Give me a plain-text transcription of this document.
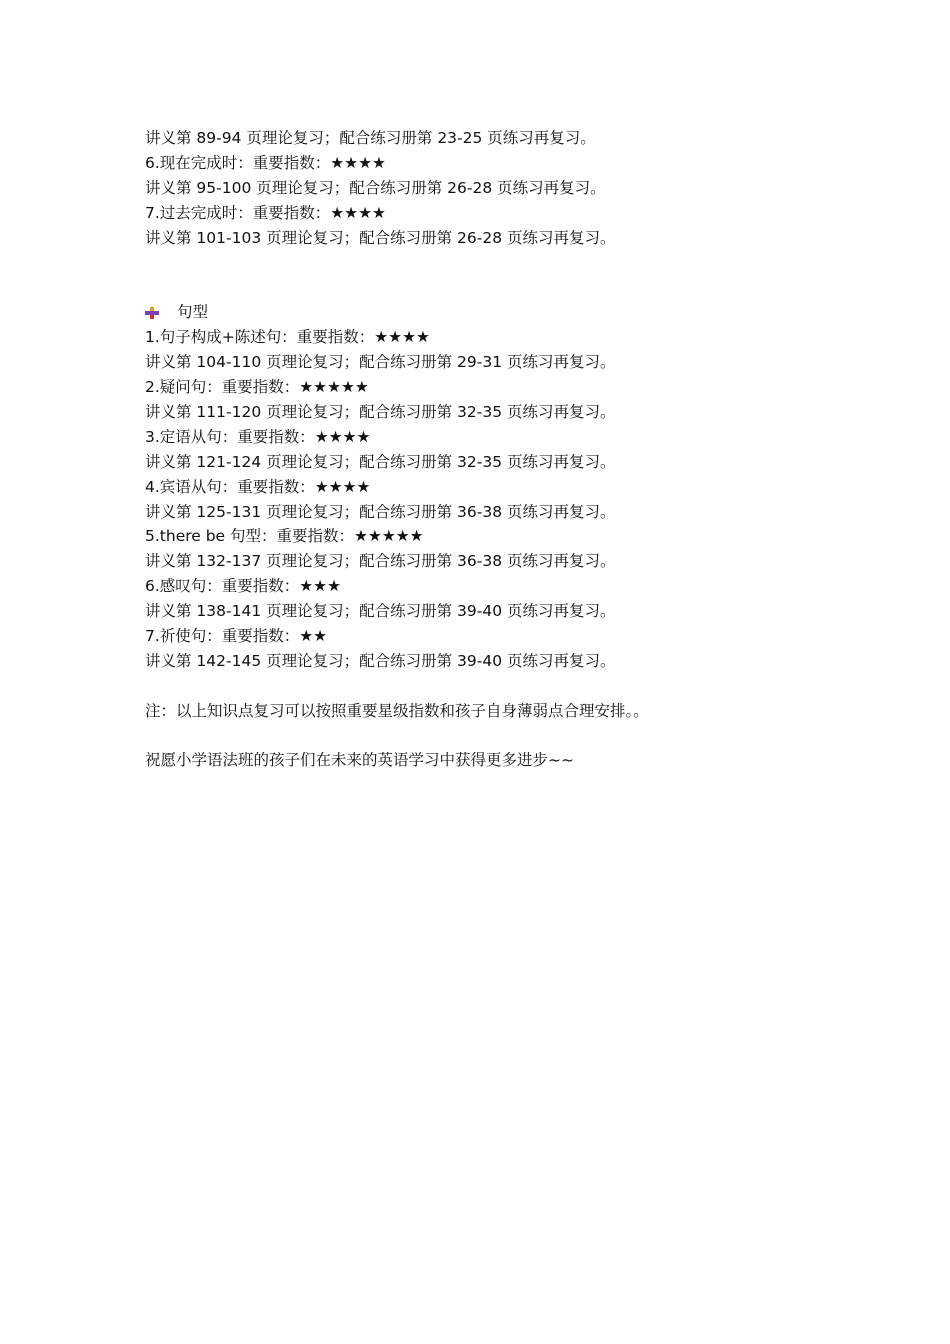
讲义第 89-94 页理论复习；配合练习册第 23-25 页练习再复习。
6.现在完成时：重要指数：★★★★
讲义第 95-100 页理论复习；配合练习册第 26-28 页练习再复习。
7.过去完成时：重要指数：★★★★
讲义第 101-103 页理论复习；配合练习册第 26-28 页练习再复习。
句型
1.句子构成+陈述句：重要指数：★★★★
讲义第 104-110 页理论复习；配合练习册第 29-31 页练习再复习。
2.疑问句：重要指数：★★★★★
讲义第 111-120 页理论复习；配合练习册第 32-35 页练习再复习。
3.定语从句：重要指数：★★★★
讲义第 121-124 页理论复习；配合练习册第 32-35 页练习再复习。
4.宾语从句：重要指数：★★★★
讲义第 125-131 页理论复习；配合练习册第 36-38 页练习再复习。
5.there be 句型：重要指数：★★★★★
讲义第 132-137 页理论复习；配合练习册第 36-38 页练习再复习。
6.感叹句：重要指数：★★★
讲义第 138-141 页理论复习；配合练习册第 39-40 页练习再复习。
7.祈使句：重要指数：★★
讲义第 142-145 页理论复习；配合练习册第 39-40 页练习再复习。
注：以上知识点复习可以按照重要星级指数和孩子自身薄弱点合理安排。。
祝愿小学语法班的孩子们在未来的英语学习中获得更多进步~~
